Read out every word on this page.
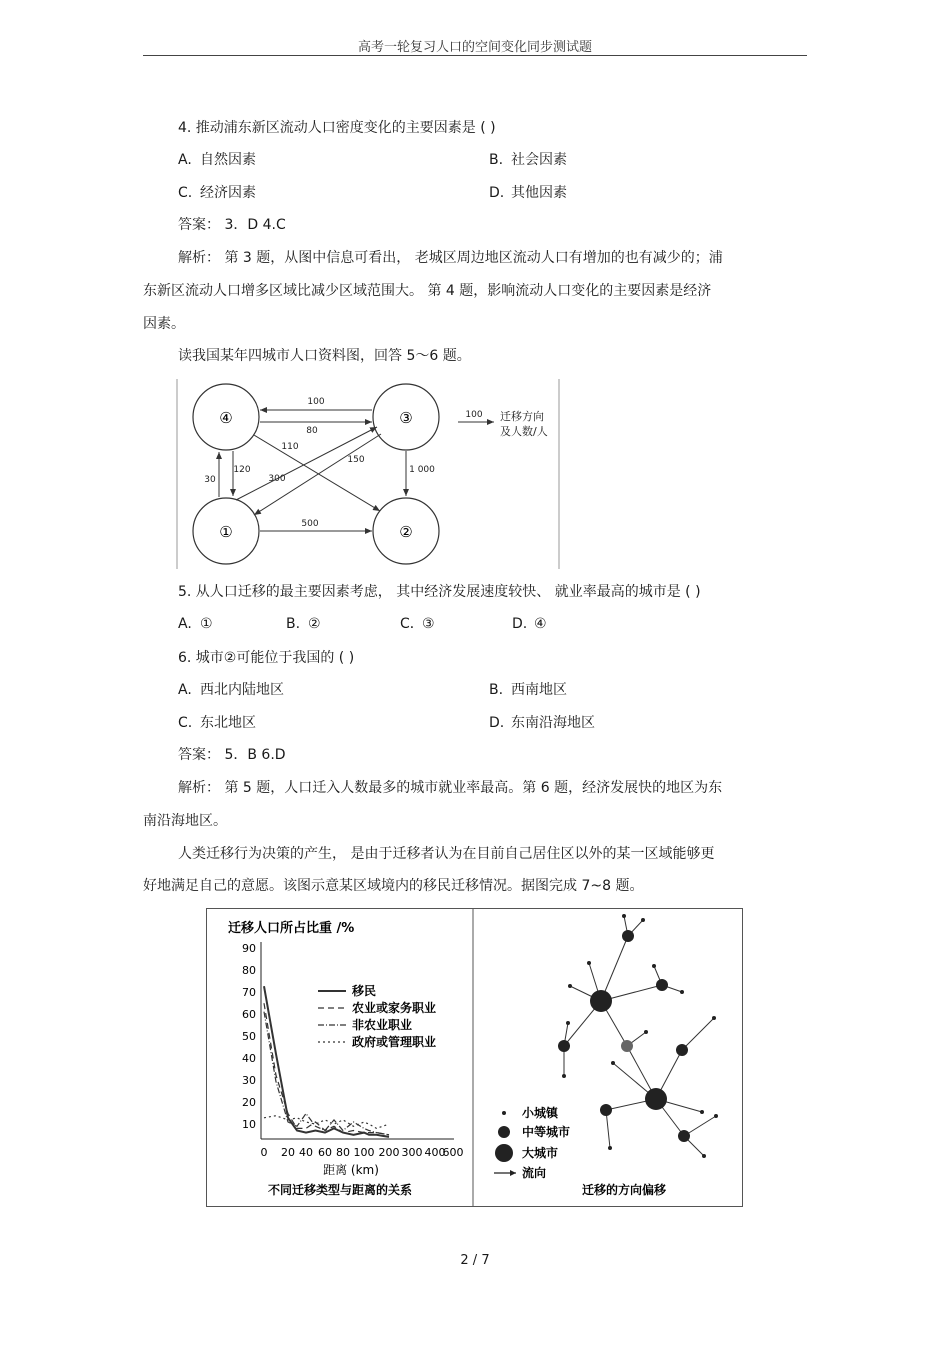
高考一轮复习人口的空间变化同步测试题
4. 推动浦东新区流动人口密度变化的主要因素是 ( )
A. 自然因素	B. 社会因素
C. 经济因素	D. 其他因素
答案： 3．D 4.C
解析： 第 3 题，从图中信息可看出， 老城区周边地区流动人口有增加的也有减少的；浦
东新区流动人口增多区域比减少区域范围大。 第 4 题，影响流动人口变化的主要因素是经济
因素。
读我国某年四城市人口资料图，回答 5～6 题。
④	③
①	②
100
80
110
150
300
1 000
120
30
500
100 迁移方向
及人数/人
5. 从人口迁移的最主要因素考虑， 其中经济发展速度较快、 就业率最高的城市是 ( )
A. ①	B. ②	C．③	D. ④
6. 城市②可能位于我国的 ( )
A. 西北内陆地区	B. 西南地区
C. 东北地区	D. 东南沿海地区
答案： 5．B 6.D
解析： 第 5 题，人口迁入人数最多的城市就业率最高。第 6 题，经济发展快的地区为东
南沿海地区。
人类迁移行为决策的产生， 是由于迁移者认为在目前自己居住区以外的某一区域能够更
好地满足自己的意愿。该图示意某区域境内的移民迁移情况。据图完成 7~8 题。
迁移人口所占比重 /%
90
80
70
60
50
40
30
20
10
0 20 40 60 80 100 200 300 400
600
距离 (km)
不同迁移类型与距离的关系
移民
农业或家务职业
非农业职业
政府或管理职业
小城镇
中等城市
大城市
流向
迁移的方向偏移
2 / 7
